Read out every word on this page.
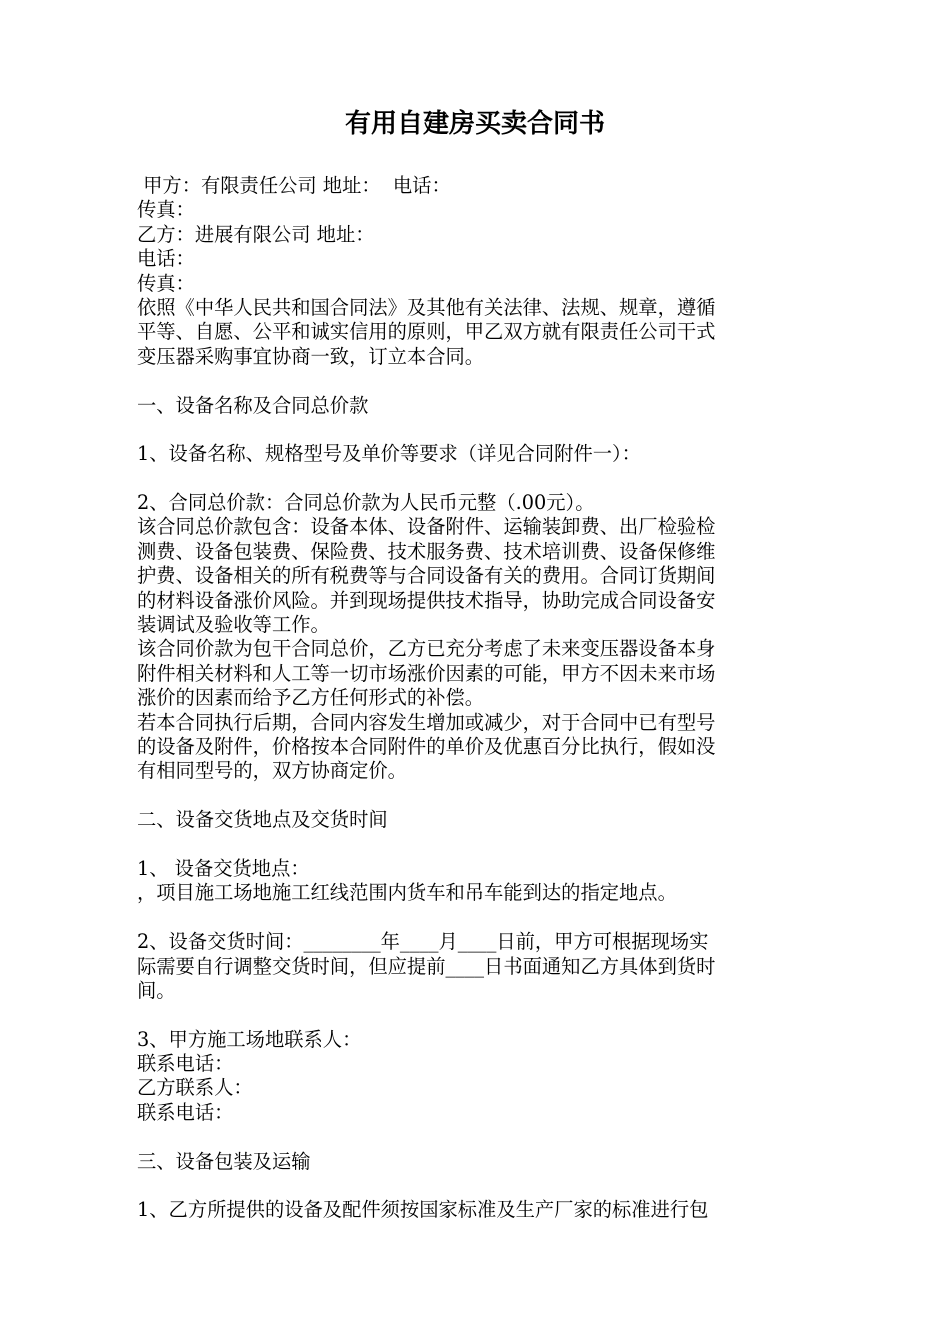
有用自建房买卖合同书
甲方：有限责任公司 地址：  电话：
传真：
乙方：进展有限公司 地址：
电话：
传真：
依照《中华人民共和国合同法》及其他有关法律、法规、规章，遵循
平等、自愿、公平和诚实信用的原则，甲乙双方就有限责任公司干式
变压器采购事宜协商一致，订立本合同。
一、设备名称及合同总价款
1、设备名称、规格型号及单价等要求（详见合同附件一）：
2、合同总价款：合同总价款为人民币元整（.00元）。
该合同总价款包含：设备本体、设备附件、运输装卸费、出厂检验检
测费、设备包装费、保险费、技术服务费、技术培训费、设备保修维
护费、设备相关的所有税费等与合同设备有关的费用。合同订货期间
的材料设备涨价风险。并到现场提供技术指导，协助完成合同设备安
装调试及验收等工作。
该合同价款为包干合同总价，乙方已充分考虑了未来变压器设备本身
附件相关材料和人工等一切市场涨价因素的可能，甲方不因未来市场
涨价的因素而给予乙方任何形式的补偿。
若本合同执行后期，合同内容发生增加或减少，对于合同中已有型号
的设备及附件，价格按本合同附件的单价及优惠百分比执行，假如没
有相同型号的，双方协商定价。
二、设备交货地点及交货时间
1、 设备交货地点：
，项目施工场地施工红线范围内货车和吊车能到达的指定地点。
2、设备交货时间：________年____月____日前，甲方可根据现场实
际需要自行调整交货时间，但应提前____日书面通知乙方具体到货时
间。
3、甲方施工场地联系人：
联系电话：
乙方联系人：
联系电话：
三、设备包装及运输
1、乙方所提供的设备及配件须按国家标准及生产厂家的标准进行包
